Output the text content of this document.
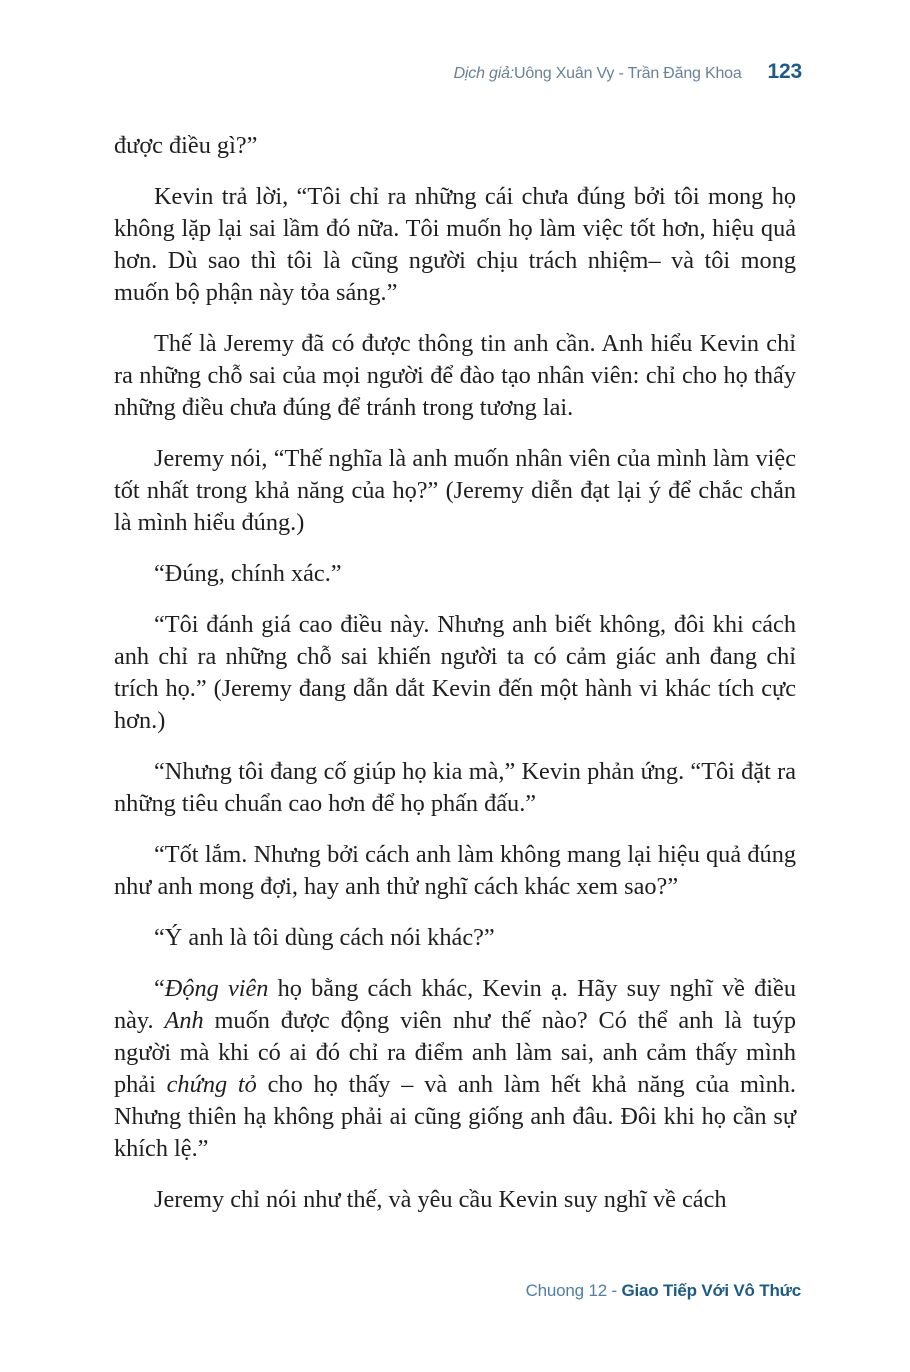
Dịch giả: Uông Xuân Vy - Trần Đăng Khoa 123

được điều gì?”

Kevin trả lời, “Tôi chỉ ra những cái chưa đúng bởi tôi mong họ không lặp lại sai lầm đó nữa. Tôi muốn họ làm việc tốt hơn, hiệu quả hơn. Dù sao thì tôi là cũng người chịu trách nhiệm– và tôi mong muốn bộ phận này tỏa sáng.”

Thế là Jeremy đã có được thông tin anh cần. Anh hiểu Kevin chỉ ra những chỗ sai của mọi người để đào tạo nhân viên: chỉ cho họ thấy những điều chưa đúng để tránh trong tương lai.

Jeremy nói, “Thế nghĩa là anh muốn nhân viên của mình làm việc tốt nhất trong khả năng của họ?” (Jeremy diễn đạt lại ý để chắc chắn là mình hiểu đúng.)

“Đúng, chính xác.”

“Tôi đánh giá cao điều này. Nhưng anh biết không, đôi khi cách anh chỉ ra những chỗ sai khiến người ta có cảm giác anh đang chỉ trích họ.” (Jeremy đang dẫn dắt Kevin đến một hành vi khác tích cực hơn.)

“Nhưng tôi đang cố giúp họ kia mà,” Kevin phản ứng. “Tôi đặt ra những tiêu chuẩn cao hơn để họ phấn đấu.”

“Tốt lắm. Nhưng bởi cách anh làm không mang lại hiệu quả đúng như anh mong đợi, hay anh thử nghĩ cách khác xem sao?”

“Ý anh là tôi dùng cách nói khác?”

“Động viên họ bằng cách khác, Kevin ạ. Hãy suy nghĩ về điều này. Anh muốn được động viên như thế nào? Có thể anh là tuýp người mà khi có ai đó chỉ ra điểm anh làm sai, anh cảm thấy mình phải chứng tỏ cho họ thấy – và anh làm hết khả năng của mình. Nhưng thiên hạ không phải ai cũng giống anh đâu. Đôi khi họ cần sự khích lệ.”

Jeremy chỉ nói như thế, và yêu cầu Kevin suy nghĩ về cách

Chuong 12 - Giao Tiếp Với Vô Thức
